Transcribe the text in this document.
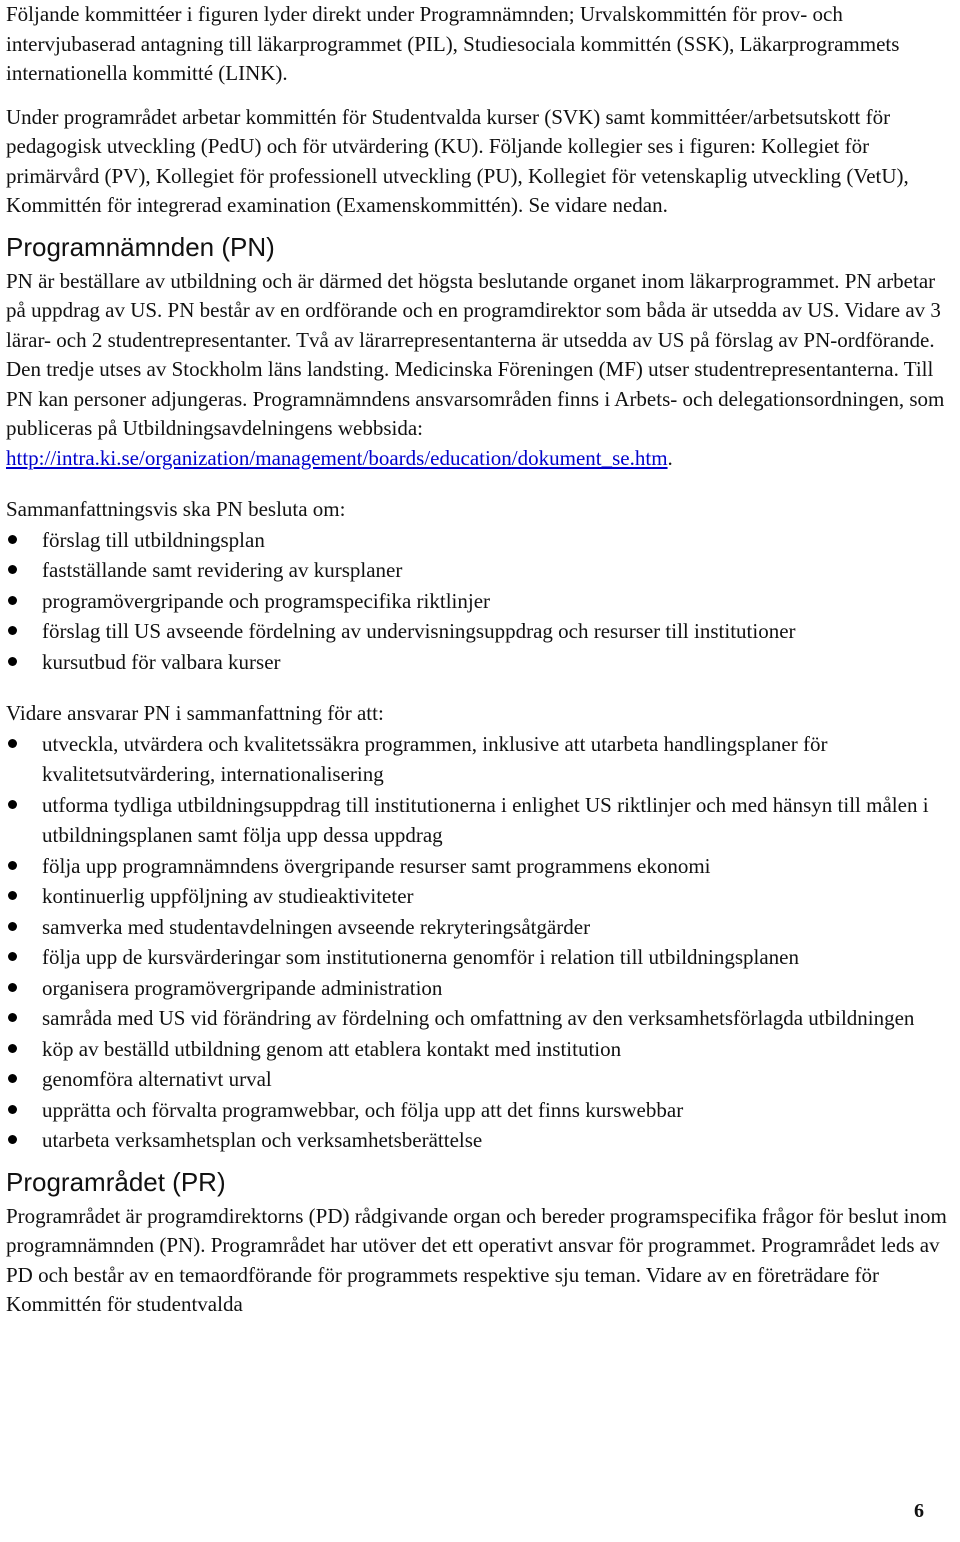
Följande kommittéer i figuren lyder direkt under Programnämnden; Urvalskommittén för prov- och intervjubaserad antagning till läkarprogrammet (PIL), Studiesociala kommittén (SSK), Läkarprogrammets internationella kommitté (LINK).

Under programrådet arbetar kommittén för Studentvalda kurser (SVK) samt kommittéer/arbetsutskott för pedagogisk utveckling (PedU) och för utvärdering (KU). Följande kollegier ses i figuren: Kollegiet för primärvård (PV), Kollegiet för professionell utveckling (PU), Kollegiet för vetenskaplig utveckling (VetU), Kommittén för integrerad examination (Examenskommittén). Se vidare nedan.

Programnämnden (PN)

PN är beställare av utbildning och är därmed det högsta beslutande organet inom läkarprogrammet. PN arbetar på uppdrag av US. PN består av en ordförande och en programdirektor som båda är utsedda av US. Vidare av 3 lärar- och 2 studentrepresentanter. Två av lärarrepresentanterna är utsedda av US på förslag av PN-ordförande. Den tredje utses av Stockholm läns landsting. Medicinska Föreningen (MF) utser studentrepresentanterna. Till PN kan personer adjungeras. Programnämndens ansvarsområden finns i Arbets- och delegationsordningen, som publiceras på Utbildningsavdelningens webbsida: http://intra.ki.se/organization/management/boards/education/dokument_se.htm.

Sammanfattningsvis ska PN besluta om:

förslag till utbildningsplan
fastställande samt revidering av kursplaner
programövergripande och programspecifika riktlinjer
förslag till US avseende fördelning av undervisningsuppdrag och resurser till institutioner
kursutbud för valbara kurser

Vidare ansvarar PN i sammanfattning för att:

utveckla, utvärdera och kvalitetssäkra programmen, inklusive att utarbeta handlingsplaner för kvalitetsutvärdering, internationalisering
utforma tydliga utbildningsuppdrag till institutionerna i enlighet US riktlinjer och med hänsyn till målen i utbildningsplanen samt följa upp dessa uppdrag
följa upp programnämndens övergripande resurser samt programmens ekonomi
kontinuerlig uppföljning av studieaktiviteter
samverka med studentavdelningen avseende rekryteringsåtgärder
följa upp de kursvärderingar som institutionerna genomför i relation till utbildningsplanen
organisera programövergripande administration
samråda med US vid förändring av fördelning och omfattning av den verksamhetsförlagda utbildningen
köp av beställd utbildning genom att etablera kontakt med institution
genomföra alternativt urval
upprätta och förvalta programwebbar, och följa upp att det finns kurswebbar
utarbeta verksamhetsplan och verksamhetsberättelse
Programrådet (PR)

Programrådet är programdirektorns (PD) rådgivande organ och bereder programspecifika frågor för beslut inom programnämnden (PN). Programrådet har utöver det ett operativt ansvar för programmet. Programrådet leds av PD och består av en temaordförande för programmets respektive sju teman. Vidare av en företrädare för Kommittén för studentvalda

6
